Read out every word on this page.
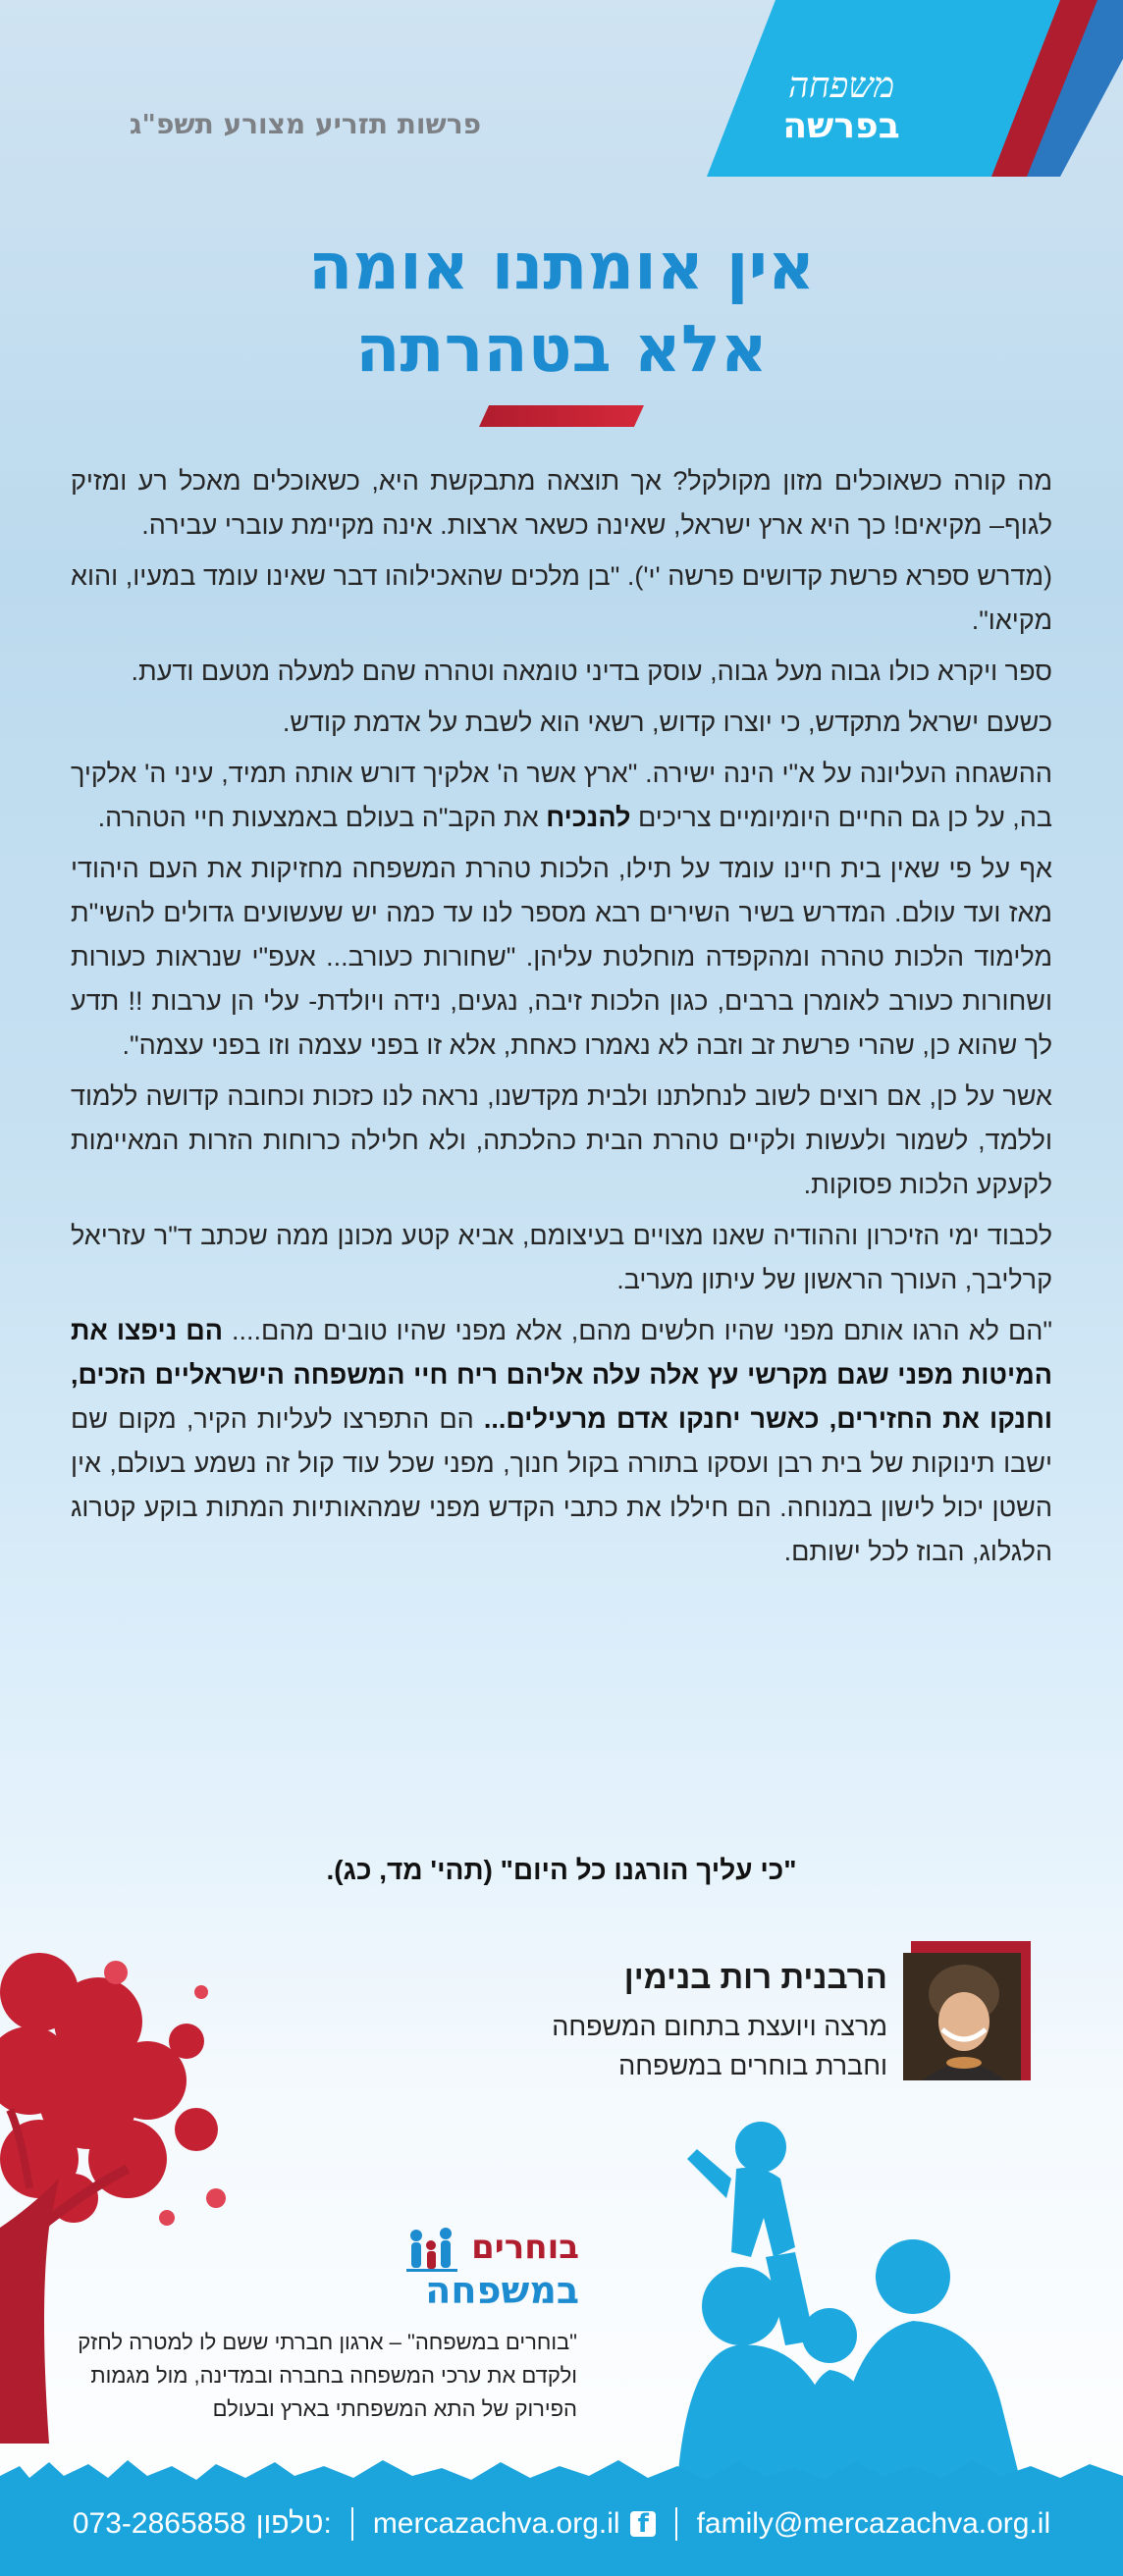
משפחה
בפרשה
פרשות תזריע מצורע תשפ"ג
אין אומתנו אומה
אלא בטהרתה

מה קורה כשאוכלים מזון מקולקל? אך תוצאה מתבקשת היא, כשאוכלים מאכל רע ומזיק לגוף– מקיאים! כך היא ארץ ישראל, שאינה כשאר ארצות. אינה מקיימת עוברי עבירה.

(מדרש ספרא פרשת קדושים פרשה 'י'). "בן מלכים שהאכילוהו דבר שאינו עומד במעיו, והוא מקיאו".

ספר ויקרא כולו גבוה מעל גבוה, עוסק בדיני טומאה וטהרה שהם למעלה מטעם ודעת.

כשעם ישראל מתקדש, כי יוצרו קדוש, רשאי הוא לשבת על אדמת קודש.

ההשגחה העליונה על א"י הינה ישירה. "ארץ אשר ה' אלקיך דורש אותה תמיד, עיני ה' אלקיך בה, על כן גם החיים היומיומיים צריכים להנכיח את הקב"ה בעולם באמצעות חיי הטהרה.

אף על פי שאין בית חיינו עומד על תילו, הלכות טהרת המשפחה מחזיקות את העם היהודי מאז ועד עולם. המדרש בשיר השירים רבא מספר לנו עד כמה יש שעשועים גדולים להשי"ת מלימוד הלכות טהרה ומהקפדה מוחלטת עליהן. "שחורות כעורב... אעפ"י שנראות כעורות ושחורות כעורב לאומרן ברבים, כגון הלכות זיבה, נגעים, נידה ויולדת- עלי הן ערבות !! תדע לך שהוא כן, שהרי פרשת זב וזבה לא נאמרו כאחת, אלא זו בפני עצמה וזו בפני עצמה".

אשר על כן, אם רוצים לשוב לנחלתנו ולבית מקדשנו, נראה לנו כזכות וכחובה קדושה ללמוד וללמד, לשמור ולעשות ולקיים טהרת הבית כהלכתה, ולא חלילה כרוחות הזרות המאיימות לקעקע הלכות פסוקות.

לכבוד ימי הזיכרון וההודיה שאנו מצויים בעיצומם, אביא קטע מכונן ממה שכתב ד"ר עזריאל קרליבך, העורך הראשון של עיתון מעריב.

"הם לא הרגו אותם מפני שהיו חלשים מהם, אלא מפני שהיו טובים מהם.... הם ניפצו את המיטות מפני שגם מקרשי עץ אלה עלה אליהם ריח חיי המשפחה הישראליים הזכים, וחנקו את החזירים, כאשר יחנקו אדם מרעילים... הם התפרצו לעליות הקיר, מקום שם ישבו תינוקות של בית רבן ועסקו בתורה בקול חנוך, מפני שכל עוד קול זה נשמע בעולם, אין השטן יכול לישון במנוחה. הם חיללו את כתבי הקדש מפני שמהאותיות המתות בוקע קטרוג הלגלוג, הבוז לכל ישותם.

"כי עליך הורגנו כל היום" (תהי' מד, כג).
הרבנית רות בנימין
מרצה ויועצת בתחום המשפחה
וחברת בוחרים במשפחה
בוחרים
במשפחה
"בוחרים במשפחה" – ארגון חברתי ששם לו למטרה לחזק ולקדם את ערכי המשפחה בחברה ובמדינה, מול מגמות הפירוק של התא המשפחתי בארץ ובעולם
073-2865858 טלפון: mercazachva.org.il
f	family@mercazachva.org.il
